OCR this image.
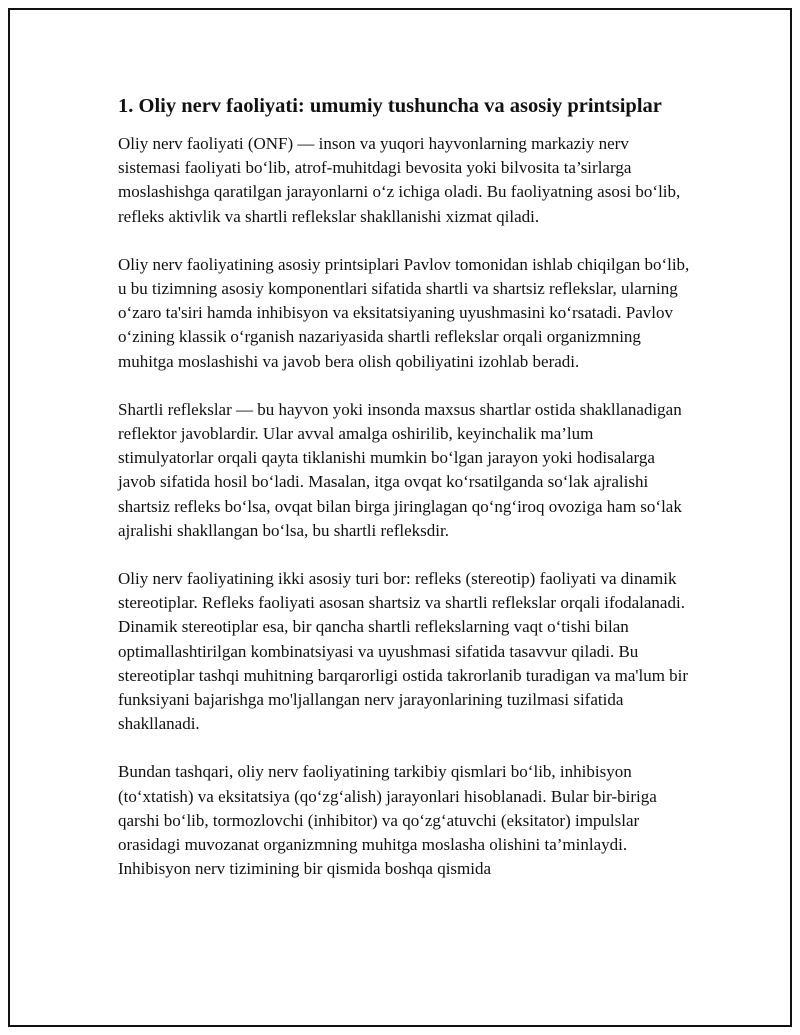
1. Oliy nerv faoliyati: umumiy tushuncha va asosiy printsiplar

Oliy nerv faoliyati (ONF) — inson va yuqori hayvonlarning markaziy nerv sistemasi faoliyati bo‘lib, atrof-muhitdagi bevosita yoki bilvosita ta’sirlarga moslashishga qaratilgan jarayonlarni o‘z ichiga oladi. Bu faoliyatning asosi bo‘lib, refleks aktivlik va shartli reflekslar shakllanishi xizmat qiladi.

Oliy nerv faoliyatining asosiy printsiplari Pavlov tomonidan ishlab chiqilgan bo‘lib, u bu tizimning asosiy komponentlari sifatida shartli va shartsiz reflekslar, ularning o‘zaro ta'siri hamda inhibisyon va eksitatsiyaning uyushmasini ko‘rsatadi. Pavlov o‘zining klassik o‘rganish nazariyasida shartli reflekslar orqali organizmning muhitga moslashishi va javob bera olish qobiliyatini izohlab beradi.

Shartli reflekslar — bu hayvon yoki insonda maxsus shartlar ostida shakllanadigan reflektor javoblardir. Ular avval amalga oshirilib, keyinchalik ma’lum stimulyatorlar orqali qayta tiklanishi mumkin bo‘lgan jarayon yoki hodisalarga javob sifatida hosil bo‘ladi. Masalan, itga ovqat ko‘rsatilganda so‘lak ajralishi shartsiz refleks bo‘lsa, ovqat bilan birga jiringlagan qo‘ng‘iroq ovoziga ham so‘lak ajralishi shakllangan bo‘lsa, bu shartli refleksdir.

Oliy nerv faoliyatining ikki asosiy turi bor: refleks (stereotip) faoliyati va dinamik stereotiplar. Refleks faoliyati asosan shartsiz va shartli reflekslar orqali ifodalanadi. Dinamik stereotiplar esa, bir qancha shartli reflekslarning vaqt o‘tishi bilan optimallashtirilgan kombinatsiyasi va uyushmasi sifatida tasavvur qiladi. Bu stereotiplar tashqi muhitning barqarorligi ostida takrorlanib turadigan va ma'lum bir funksiyani bajarishga mo'ljallangan nerv jarayonlarining tuzilmasi sifatida shakllanadi.

Bundan tashqari, oliy nerv faoliyatining tarkibiy qismlari bo‘lib, inhibisyon (to‘xtatish) va eksitatsiya (qo‘zg‘alish) jarayonlari hisoblanadi. Bular bir-biriga qarshi bo‘lib, tormozlovchi (inhibitor) va qo‘zg‘atuvchi (eksitator) impulslar orasidagi muvozanat organizmning muhitga moslasha olishini ta’minlaydi. Inhibisyon nerv tizimining bir qismida boshqa qismida
